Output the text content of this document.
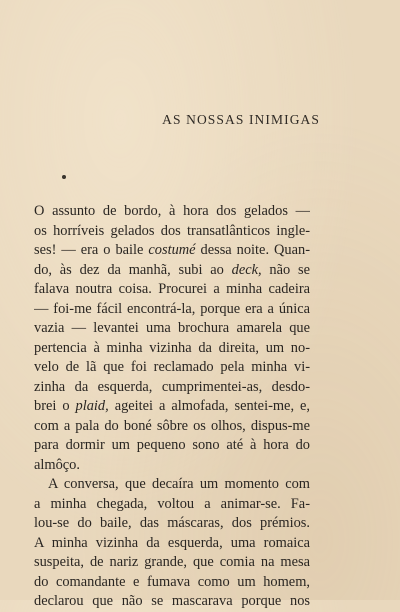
AS NOSSAS INIMIGAS
O assunto de bordo, à hora dos gelados —
os horríveis gelados dos transatlânticos ingle-
ses! — era o baile costumé dessa noite. Quan-
do, às dez da manhã, subi ao deck, não se
falava noutra coisa. Procurei a minha cadeira
— foi-me fácil encontrá-la, porque era a única
vazia — levantei uma brochura amarela que
pertencia à minha vizinha da direita, um no-
velo de lã que foi reclamado pela minha vi-
zinha da esquerda, cumprimentei-as, desdo-
brei o plaid, ageitei a almofada, sentei-me, e,
com a pala do boné sôbre os olhos, dispus-me
para dormir um pequeno sono até à hora do
almôço.
A conversa, que decaíra um momento com
a minha chegada, voltou a animar-se. Fa-
lou-se do baile, das máscaras, dos prémios.
A minha vizinha da esquerda, uma romaica
suspeita, de nariz grande, que comia na mesa
do comandante e fumava como um homem,
declarou que não se mascarava porque nos
